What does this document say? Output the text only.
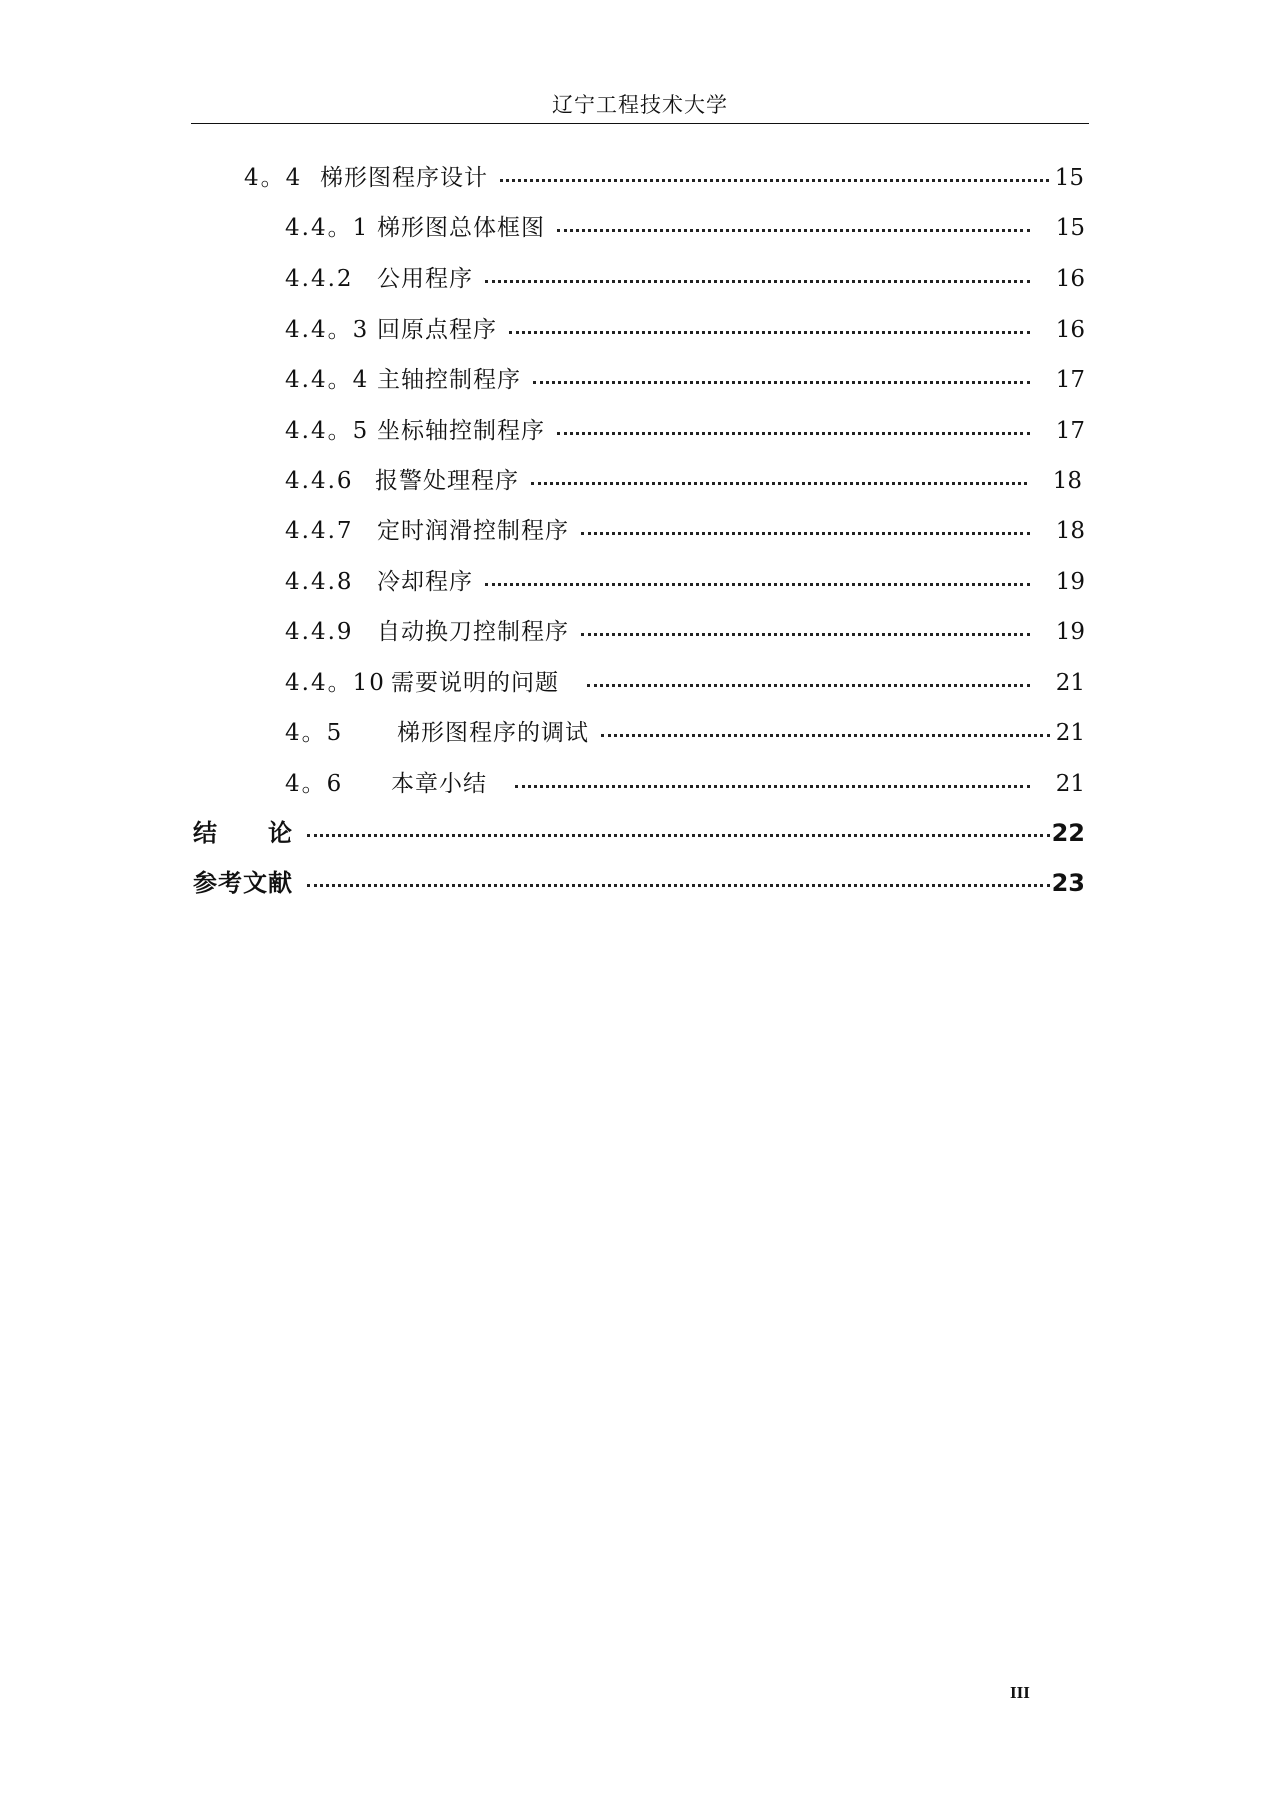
辽宁工程技术大学
4。4 梯形图程序设计	15
4.4。1 梯形图总体框图	15
4.4.2	公用程序	16
4.4。3 回原点程序	16
4.4。4 主轴控制程序	17
4.4。5 坐标轴控制程序	17
4.4.6 报警处理程序	18
4.4.7	定时润滑控制程序	18
4.4.8	冷却程序	19
4.4.9	自动换刀控制程序	19
4.4。10 需要说明的问题	21
4。5	梯形图程序的调试	21
4。6	本章小结	21
结　　论	22
参考文献	23
III
